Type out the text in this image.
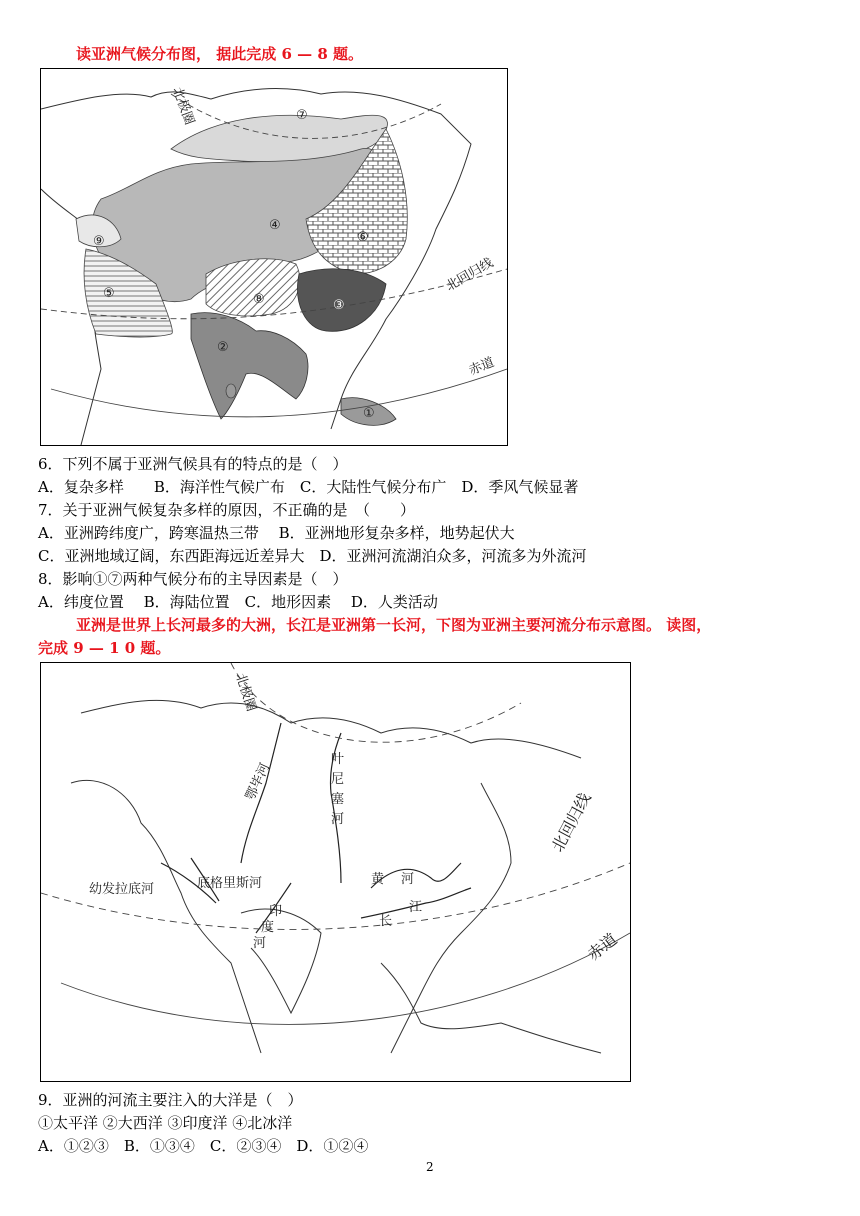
读亚洲气候分布图， 据此完成 6 — 8 题。
北极圈
北回归线
赤道
⑦
④
⑥
⑨
⑧	③
⑤
②
①
6．下列不属于亚洲气候具有的特点的是（　）
A．复杂多样　　B．海洋性气候广布　C．大陆性气候分布广　D．季风气候显著
7．关于亚洲气候复杂多样的原因，不正确的是　（　　）
A．亚洲跨纬度广，跨寒温热三带　 B．亚洲地形复杂多样，地势起伏大
C．亚洲地域辽阔，东西距海远近差异大　D．亚洲河流湖泊众多，河流多为外流河
8．影响①⑦两种气候分布的主导因素是（　）
A．纬度位置　 B．海陆位置　C．地形因素　 D．人类活动
亚洲是世界上长河最多的大洲，长江是亚洲第一长河，下图为亚洲主要河流分布示意图。 读图，
完成 9 — 1 0 题。
北极圈
北回归线
赤道
鄂毕河
叶
尼
塞
河
幼发拉底河	底格里斯河
印
度
河
黄 河
长
江
9．亚洲的河流主要注入的大洋是（　）
①太平洋 ②大西洋 ③印度洋 ④北冰洋
A．①②③　B．①③④　C．②③④　D．①②④
2
